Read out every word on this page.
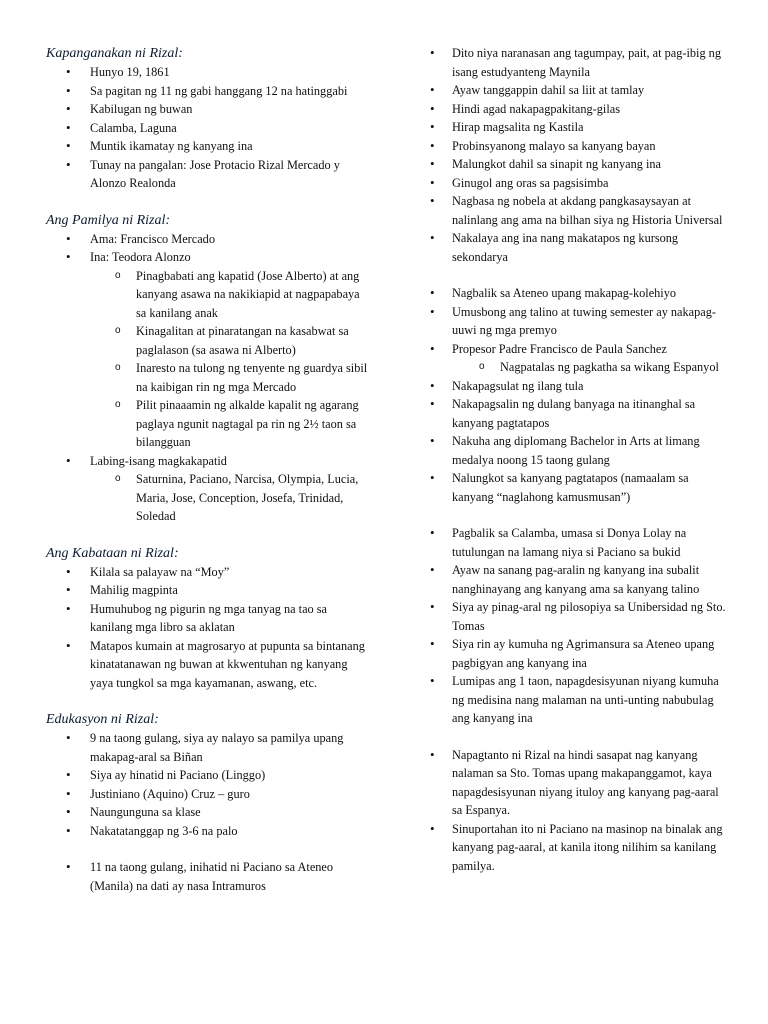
Kapanganakan ni Rizal:
• Hunyo 19, 1861
• Sa pagitan ng 11 ng gabi hanggang 12 na hatinggabi
• Kabilugan ng buwan
• Calamba, Laguna
• Muntik ikamatay ng kanyang ina
• Tunay na pangalan: Jose Protacio Rizal Mercado y Alonzo Realonda
Ang Pamilya ni Rizal:
• Ama: Francisco Mercado
• Ina: Teodora Alonzo
o Pinagbabati ang kapatid (Jose Alberto) at ang kanyang asawa na nakikiapid at nagpapabaya sa kanilang anak
o Kinagalitan at pinaratangan na kasabwat sa paglalason (sa asawa ni Alberto)
o Inaresto na tulong ng tenyente ng guardya sibil na kaibigan rin ng mga Mercado
o Pilit pinaaamin ng alkalde kapalit ng agarang paglaya ngunit nagtagal pa rin ng 2½ taon sa bilangguan
• Labing-isang magkakapatid
o Saturnina, Paciano, Narcisa, Olympia, Lucia, Maria, Jose, Conception, Josefa, Trinidad, Soledad
Ang Kabataan ni Rizal:
• Kilala sa palayaw na “Moy”
• Mahilig magpinta
• Humuhubog ng pigurin ng mga tanyag na tao sa kanilang mga libro sa aklatan
• Matapos kumain at magrosaryo at pupunta sa bintanang kinatatanawan ng buwan at kkwentuhan ng kanyang yaya tungkol sa mga kayamanan, aswang, etc.
Edukasyon ni Rizal:
• 9 na taong gulang, siya ay nalayo sa pamilya upang makapag-aral sa Biñan
• Siya ay hinatid ni Paciano (Linggo)
• Justiniano (Aquino) Cruz – guro
• Naungunguna sa klase
• Nakatatanggap ng 3-6 na palo
• 11 na taong gulang, inihatid ni Paciano sa Ateneo (Manila) na dati ay nasa Intramuros
• Dito niya naranasan ang tagumpay, pait, at pag-ibig ng isang estudyanteng Maynila
• Ayaw tanggappin dahil sa liit at tamlay
• Hindi agad nakapagpakitang-gilas
• Hirap magsalita ng Kastila
• Probinsyanong malayo sa kanyang bayan
• Malungkot dahil sa sinapit ng kanyang ina
• Ginugol ang oras sa pagsisimba
• Nagbasa ng nobela at akdang pangkasaysayan at nalinlang ang ama na bilhan siya ng Historia Universal
• Nakalaya ang ina nang makatapos ng kursong sekondarya
• Nagbalik sa Ateneo upang makapag-kolehiyo
• Umusbong ang talino at tuwing semester ay nakapag-uuwi ng mga premyo
• Propesor Padre Francisco de Paula Sanchez
o Nagpatalas ng pagkatha sa wikang Espanyol
• Nakapagsulat ng ilang tula
• Nakapagsalin ng dulang banyaga na itinanghal sa kanyang pagtatapos
• Nakuha ang diplomang Bachelor in Arts at limang medalya noong 15 taong gulang
• Nalungkot sa kanyang pagtatapos (namaalam sa kanyang “naglahong kamusmusan”)
• Pagbalik sa Calamba, umasa si Donya Lolay na tutulungan na lamang niya si Paciano sa bukid
• Ayaw na sanang pag-aralin ng kanyang ina subalit nanghinayang ang kanyang ama sa kanyang talino
• Siya ay pinag-aral ng pilosopiya sa Unibersidad ng Sto. Tomas
• Siya rin ay kumuha ng Agrimansura sa Ateneo upang pagbigyan ang kanyang ina
• Lumipas ang 1 taon, napagdesisyunan niyang kumuha ng medisina nang malaman na unti-unting nabubulag ang kanyang ina
• Napagtanto ni Rizal na hindi sasapat nag kanyang nalaman sa Sto. Tomas upang makapanggamot, kaya napagdesisyunan niyang ituloy ang kanyang pag-aaral sa Espanya.
• Sinuportahan ito ni Paciano na masinop na binalak ang kanyang pag-aaral, at kanila itong nilihim sa kanilang pamilya.
